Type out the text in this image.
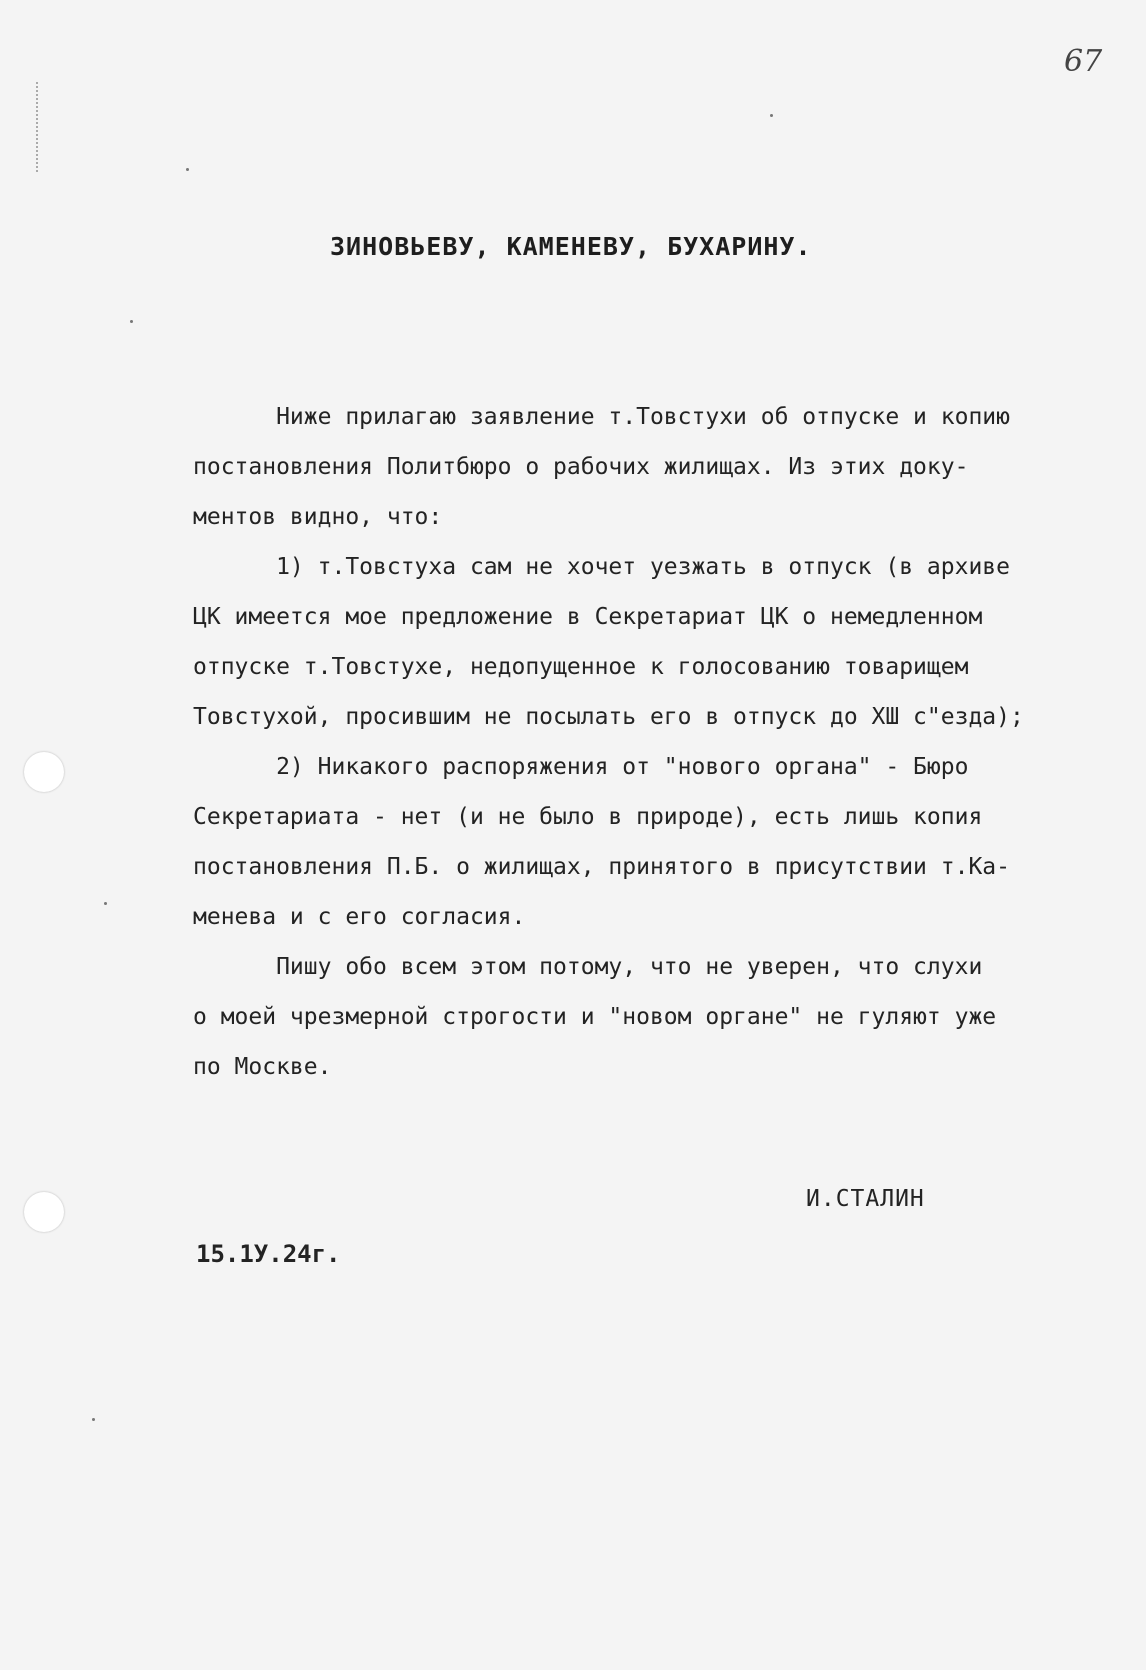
67
ЗИНОВЬЕВУ, КАМЕНЕВУ, БУХАРИНУ.

Ниже прилагаю заявление т.Товстухи об отпуске и копию

постановления Политбюро о рабочих жилищах. Из этих доку-

ментов видно, что:

1) т.Товстуха сам не хочет уезжать в отпуск (в архиве

ЦК имеется мое предложение в Секретариат ЦК о немедленном

отпуске т.Товстухе, недопущенное к голосованию товарищем

Товстухой, просившим не посылать его в отпуск до ХШ с"езда);

2) Никакого распоряжения от "нового органа" - Бюро

Секретариата - нет (и не было в природе), есть лишь копия

постановления П.Б. о жилищах, принятого в присутствии т.Ка-

менева и с его согласия.

Пишу обо всем этом потому, что не уверен, что слухи

о моей чрезмерной строгости и "новом органе" не гуляют уже

по Москве.

И.СТАЛИН
15.1У.24г.
